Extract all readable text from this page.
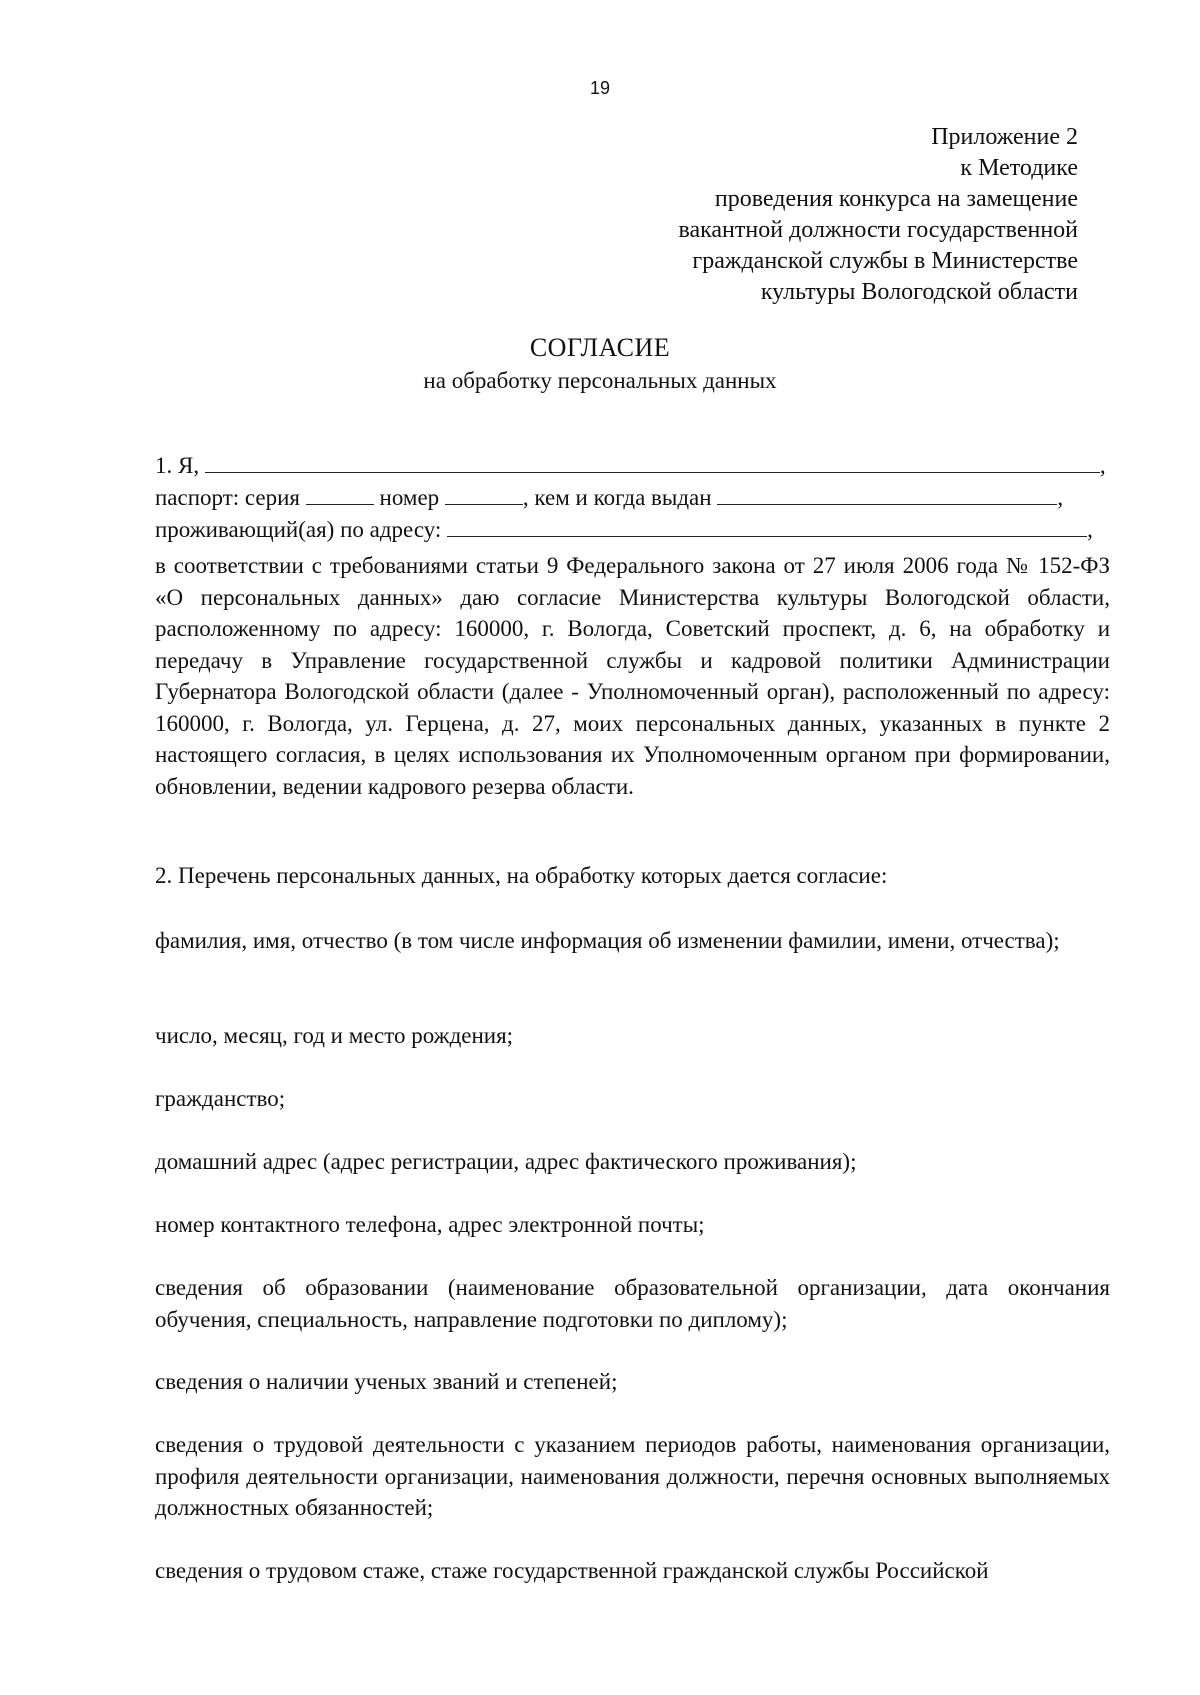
19
Приложение 2
к Методике
проведения конкурса на замещение
вакантной должности государственной
гражданской службы в Министерстве
культуры Вологодской области
СОГЛАСИЕ
на обработку персональных данных
1. Я,	,
паспорт: серия	номер	, кем и когда выдан	,
проживающий(ая) по адресу:	,
в соответствии с требованиями статьи 9 Федерального закона от 27 июля 2006 года № 152-ФЗ «О персональных данных» даю согласие Министерства культуры Вологодской области, расположенному по адресу: 160000, г. Вологда, Советский проспект, д. 6, на обработку и передачу в Управление государственной службы и кадровой политики Администрации Губернатора Вологодской области (далее - Уполномоченный орган), расположенный по адресу: 160000, г. Вологда, ул. Герцена, д. 27, моих персональных данных, указанных в пункте 2 настоящего согласия, в целях использования их Уполномоченным органом при формировании, обновлении, ведении кадрового резерва области.
2. Перечень персональных данных, на обработку которых дается согласие:
фамилия, имя, отчество (в том числе информация об изменении фамилии, имени, отчества);
число, месяц, год и место рождения;
гражданство;
домашний адрес (адрес регистрации, адрес фактического проживания);
номер контактного телефона, адрес электронной почты;
сведения об образовании (наименование образовательной организации, дата окончания обучения, специальность, направление подготовки по диплому);
сведения о наличии ученых званий и степеней;
сведения о трудовой деятельности с указанием периодов работы, наименования организации, профиля деятельности организации, наименования должности, перечня основных выполняемых должностных обязанностей;
сведения о трудовом стаже, стаже государственной гражданской службы Российской
